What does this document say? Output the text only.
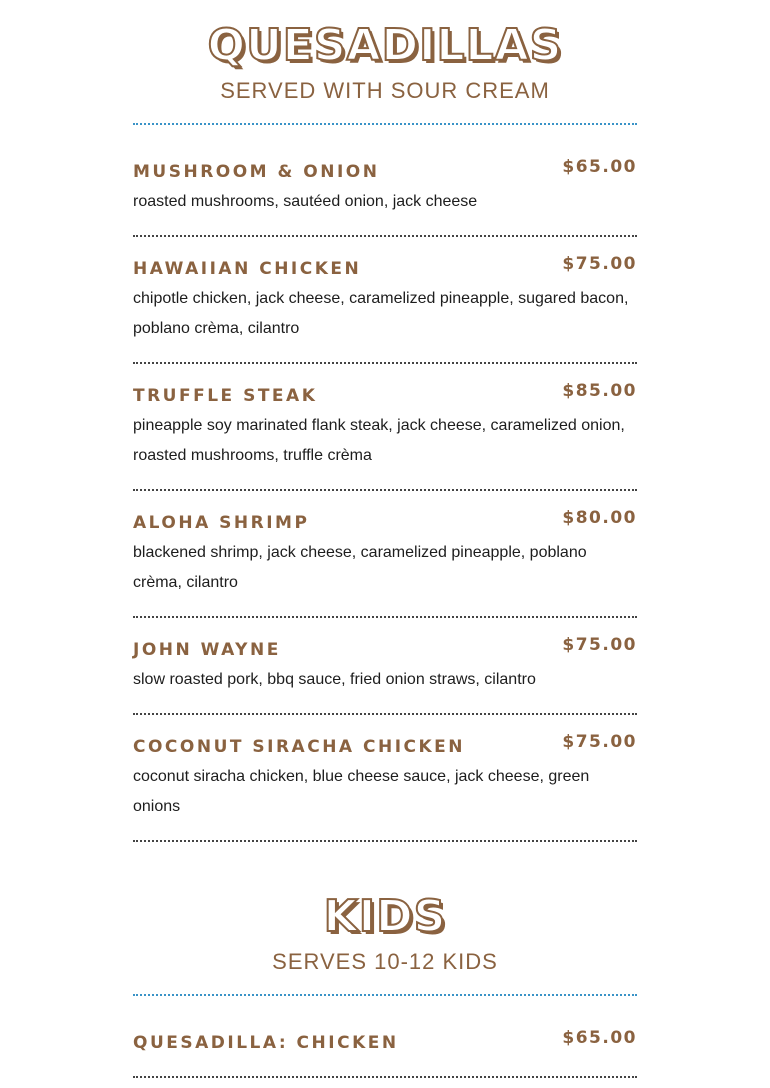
QUESADILLAS
SERVED WITH SOUR CREAM
MUSHROOM & ONION	$65.00
roasted mushrooms, sautéed onion, jack cheese
HAWAIIAN CHICKEN	$75.00
chipotle chicken, jack cheese, caramelized pineapple, sugared bacon, poblano crèma, cilantro
TRUFFLE STEAK	$85.00
pineapple soy marinated flank steak, jack cheese, caramelized onion, roasted mushrooms, truffle crèma
ALOHA SHRIMP	$80.00
blackened shrimp, jack cheese, caramelized pineapple, poblano crèma, cilantro
JOHN WAYNE	$75.00
slow roasted pork, bbq sauce, fried onion straws, cilantro
COCONUT SIRACHA CHICKEN	$75.00
coconut siracha chicken, blue cheese sauce, jack cheese, green onions
KIDS
SERVES 10-12 KIDS
QUESADILLA: CHICKEN	$65.00
